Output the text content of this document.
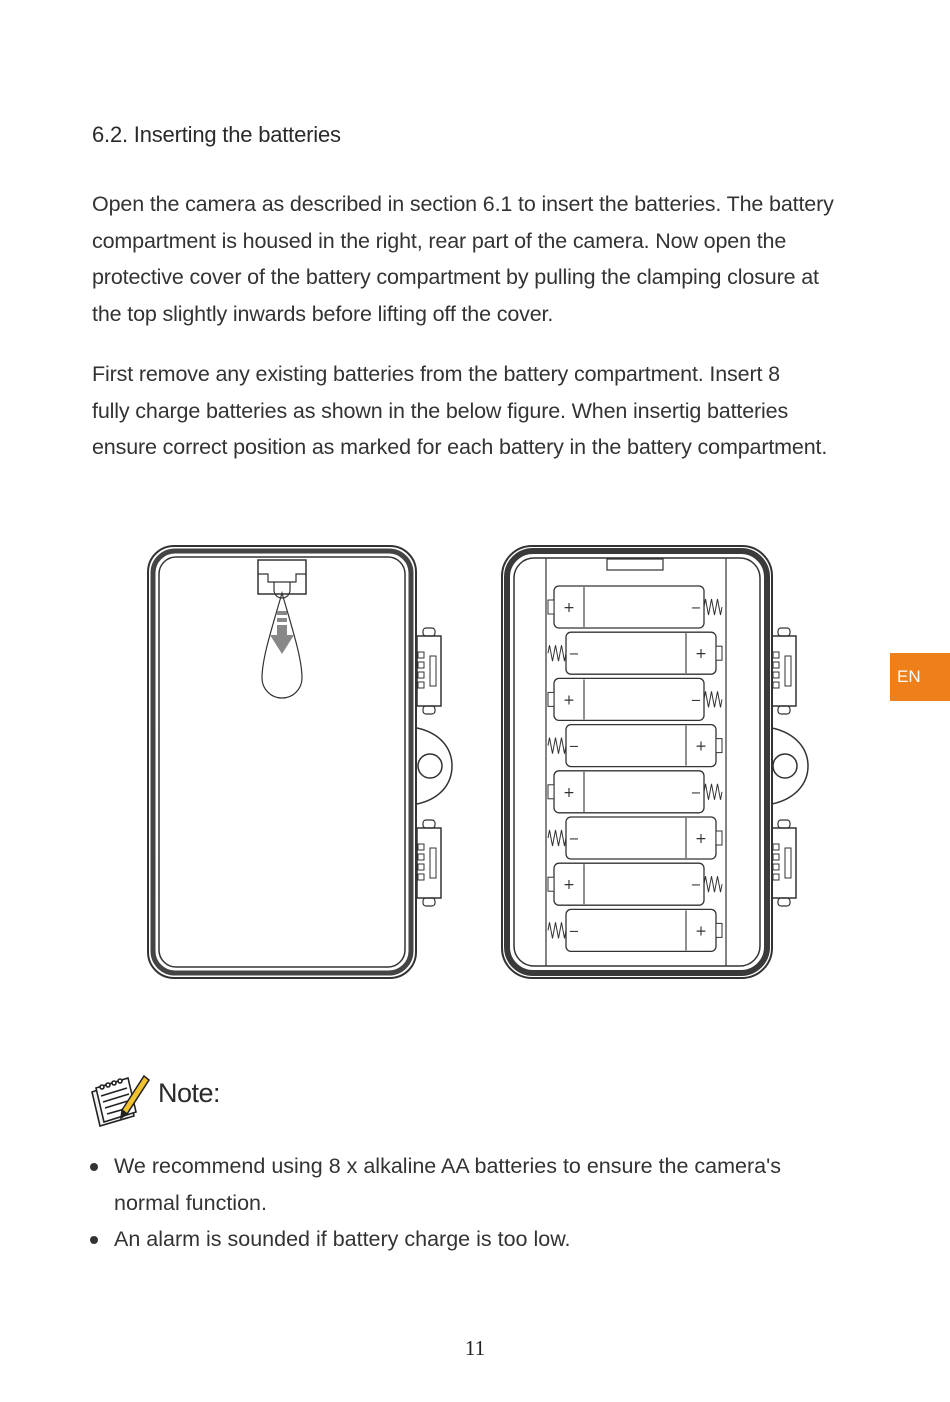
6.2. Inserting the batteries
Open the camera as described in section 6.1 to insert the batteries. The battery
compartment is housed in the right, rear part of the camera. Now open the
protective cover of the battery compartment by pulling the clamping closure at
the top slightly inwards before lifting off the cover.
First remove any existing batteries from the battery compartment. Insert 8
fully charge batteries as shown in the below figure. When insertig batteries
ensure correct position as marked for each battery in the battery compartment.
EN
+	−
+
−
+	−
+
−
+	−
+
−
+	−
+
−
Note:
We recommend using 8 x alkaline AA batteries to ensure the camera's
normal function.
An alarm is sounded if battery charge is too low.
11
